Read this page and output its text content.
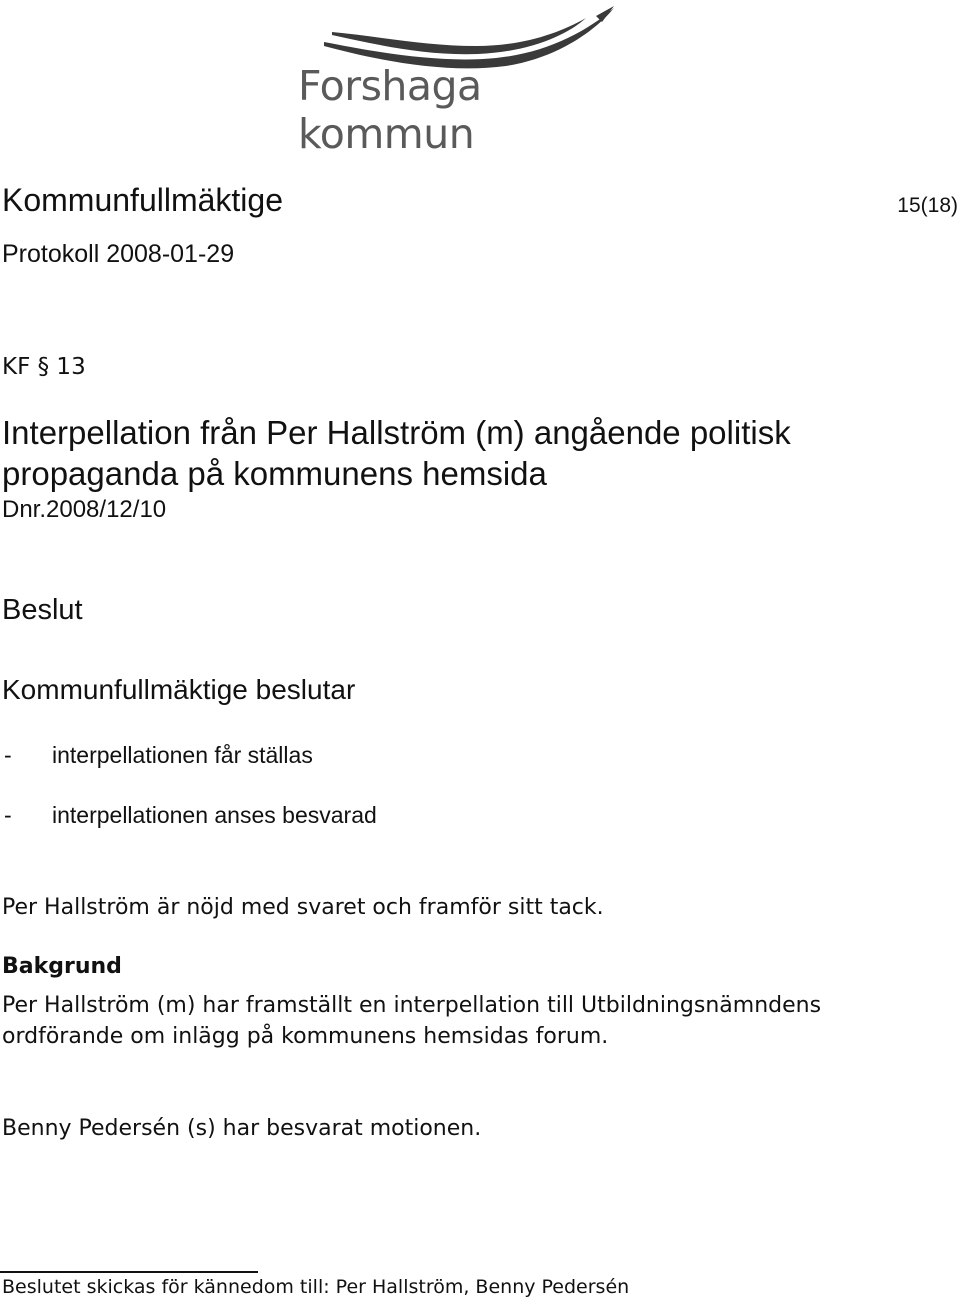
Forshaga kommun
Kommunfullmäktige	15(18)
Protokoll 2008-01-29
KF § 13
Interpellation från Per Hallström (m) angående politisk propaganda på kommunens hemsida
Dnr.2008/12/10
Beslut
Kommunfullmäktige beslutar
- interpellationen får ställas
- interpellationen anses besvarad
Per Hallström är nöjd med svaret och framför sitt tack.
Bakgrund
Per Hallström (m) har framställt en interpellation till Utbildningsnämndens ordförande om inlägg på kommunens hemsidas forum.
Benny Pedersén (s) har besvarat motionen.
Beslutet skickas för kännedom till: Per Hallström, Benny Pedersén
